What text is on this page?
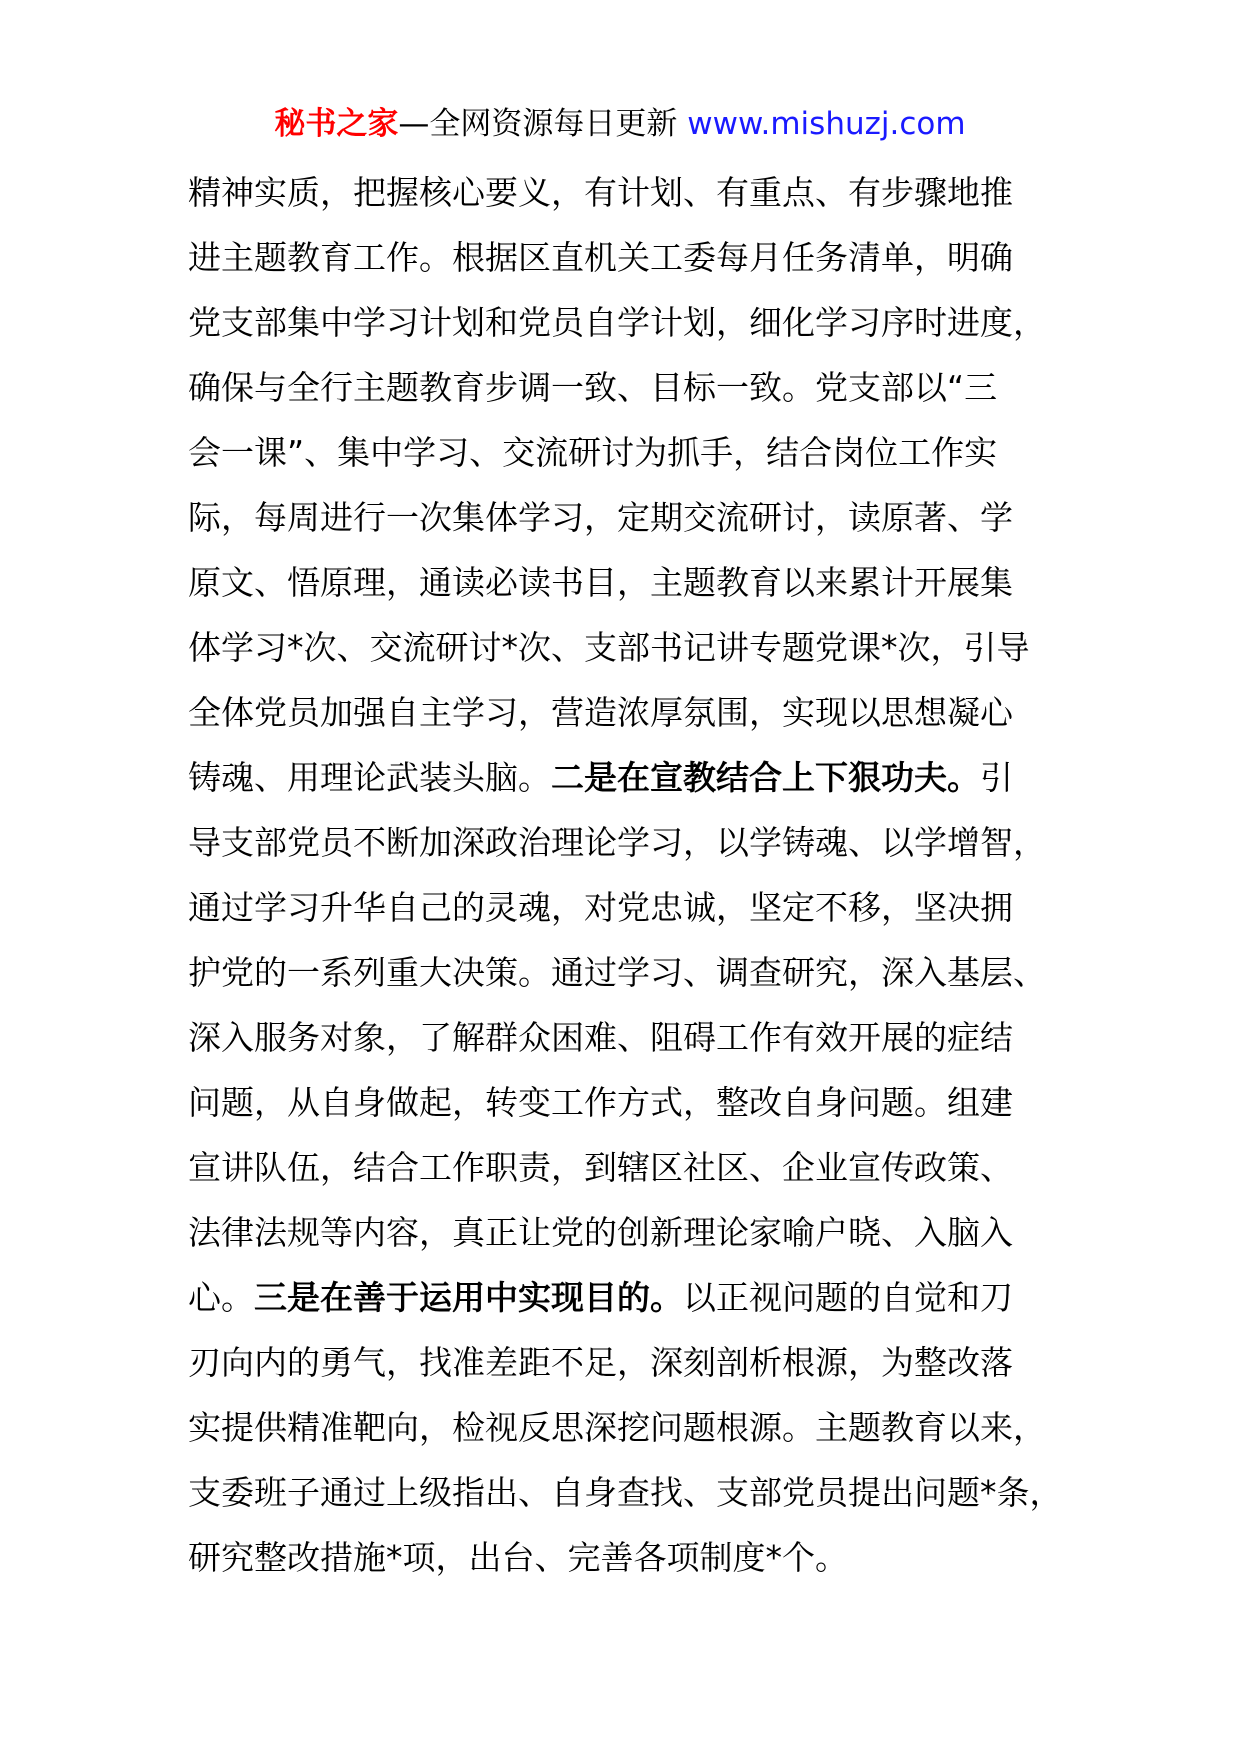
秘书之家—全网资源每日更新 www.mishuzj.com
精神实质，把握核心要义，有计划、有重点、有步骤地推
进主题教育工作。根据区直机关工委每月任务清单，明确
党支部集中学习计划和党员自学计划，细化学习序时进度，
确保与全行主题教育步调一致、目标一致。党支部以“三
会一课”、集中学习、交流研讨为抓手，结合岗位工作实
际，每周进行一次集体学习，定期交流研讨，读原著、学
原文、悟原理，通读必读书目，主题教育以来累计开展集
体学习*次、交流研讨*次、支部书记讲专题党课*次，引导
全体党员加强自主学习，营造浓厚氛围，实现以思想凝心
铸魂、用理论武装头脑。二是在宣教结合上下狠功夫。引
导支部党员不断加深政治理论学习，以学铸魂、以学增智，
通过学习升华自己的灵魂，对党忠诚，坚定不移，坚决拥
护党的一系列重大决策。通过学习、调查研究，深入基层、
深入服务对象，了解群众困难、阻碍工作有效开展的症结
问题，从自身做起，转变工作方式，整改自身问题。组建
宣讲队伍，结合工作职责，到辖区社区、企业宣传政策、
法律法规等内容，真正让党的创新理论家喻户晓、入脑入
心。三是在善于运用中实现目的。以正视问题的自觉和刀
刃向内的勇气，找准差距不足，深刻剖析根源，为整改落
实提供精准靶向，检视反思深挖问题根源。主题教育以来，
支委班子通过上级指出、自身查找、支部党员提出问题*条，
研究整改措施*项，出台、完善各项制度*个。
